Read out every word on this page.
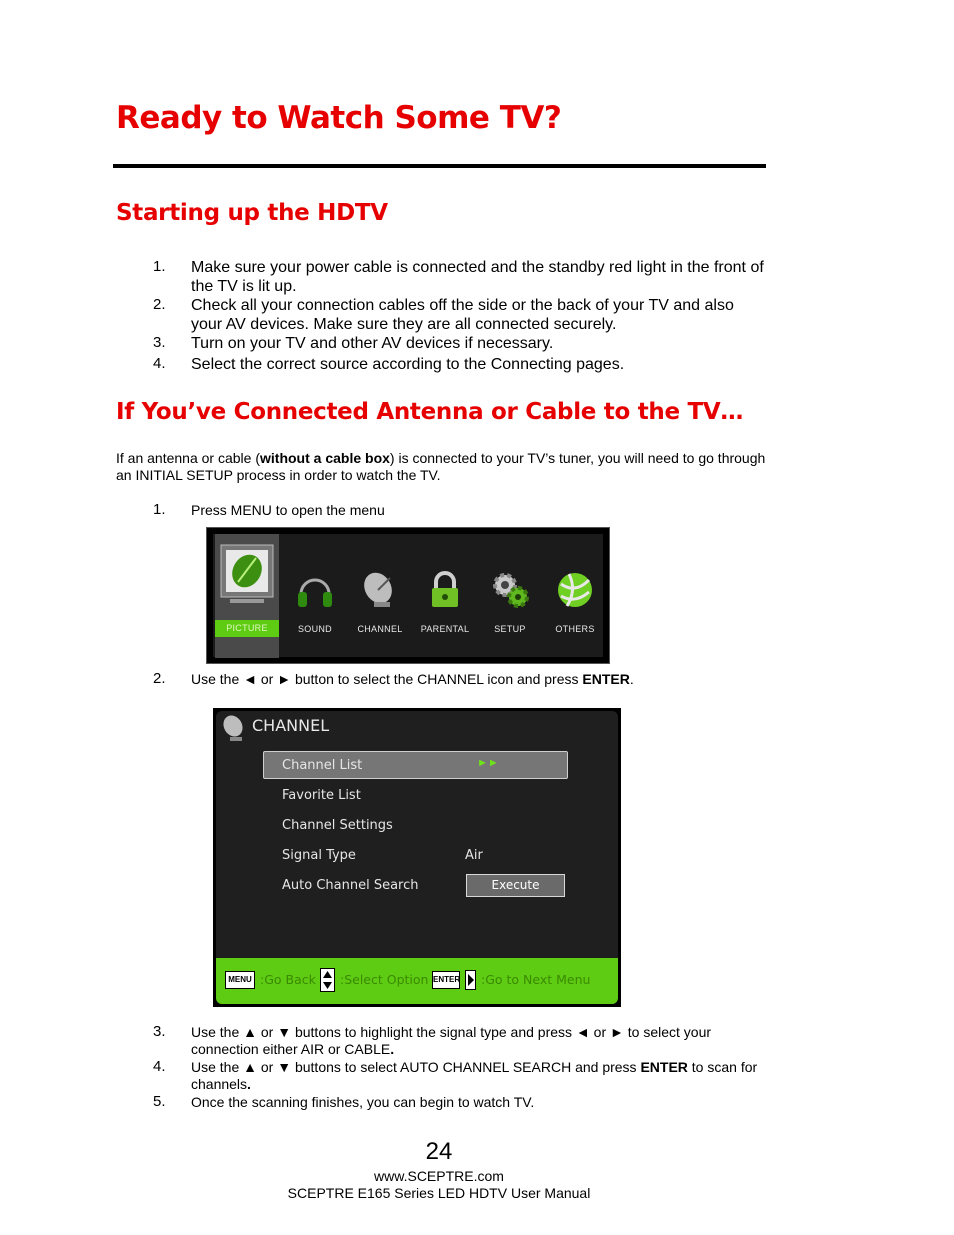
Ready to Watch Some TV?
Starting up the HDTV
1. Make sure your power cable is connected and the standby red light in the front of the TV is lit up.
2. Check all your connection cables off the side or the back of your TV and also your AV devices. Make sure they are all connected securely.
3. Turn on your TV and other AV devices if necessary.
4. Select the correct source according to the Connecting pages.
If You’ve Connected Antenna or Cable to the TV…
If an antenna or cable (without a cable box) is connected to your TV’s tuner, you will need to go through an INITIAL SETUP process in order to watch the TV.
1. Press MENU to open the menu
PICTURE	SOUND	CHANNEL	PARENTAL	SETUP	OTHERS
2. Use the ◄ or ► button to select the CHANNEL icon and press ENTER.
CHANNEL
Channel List	►►
Favorite List
Channel Settings
Signal Type	Air
Auto Channel Search	Execute
MENU :Go Back :Select Option ENTER :Go to Next Menu
3. Use the ▲ or ▼ buttons to highlight the signal type and press ◄ or ► to select your connection either AIR or CABLE.
4. Use the ▲ or ▼ buttons to select AUTO CHANNEL SEARCH and press ENTER to scan for channels.
5. Once the scanning finishes, you can begin to watch TV.
24
www.SCEPTRE.com
SCEPTRE E165 Series LED HDTV User Manual
